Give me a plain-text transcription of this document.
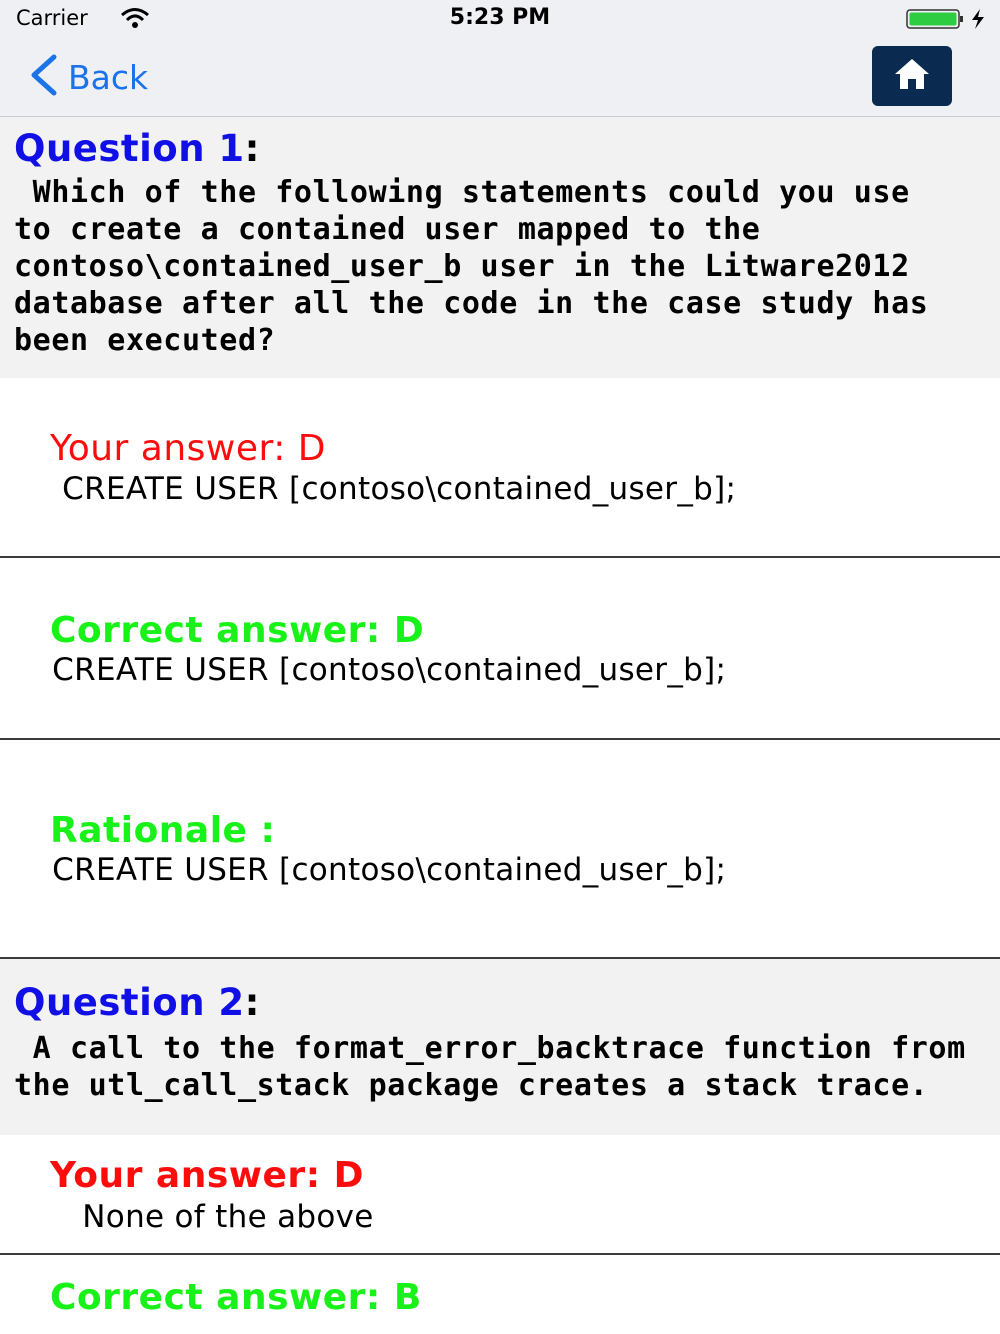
Carrier	5:23 PM
Back
Question 1:
Which of the following statements could you use
to create a contained user mapped to the
contoso\contained_user_b user in the Litware2012
database after all the code in the case study has
been executed?
Your answer: D
CREATE USER [contoso\contained_user_b];
Correct answer: D
CREATE USER [contoso\contained_user_b];
Rationale :
CREATE USER [contoso\contained_user_b];
Question 2:
A call to the format_error_backtrace function from
the utl_call_stack package creates a stack trace.
Your answer: D
None of the above
Correct answer: B
